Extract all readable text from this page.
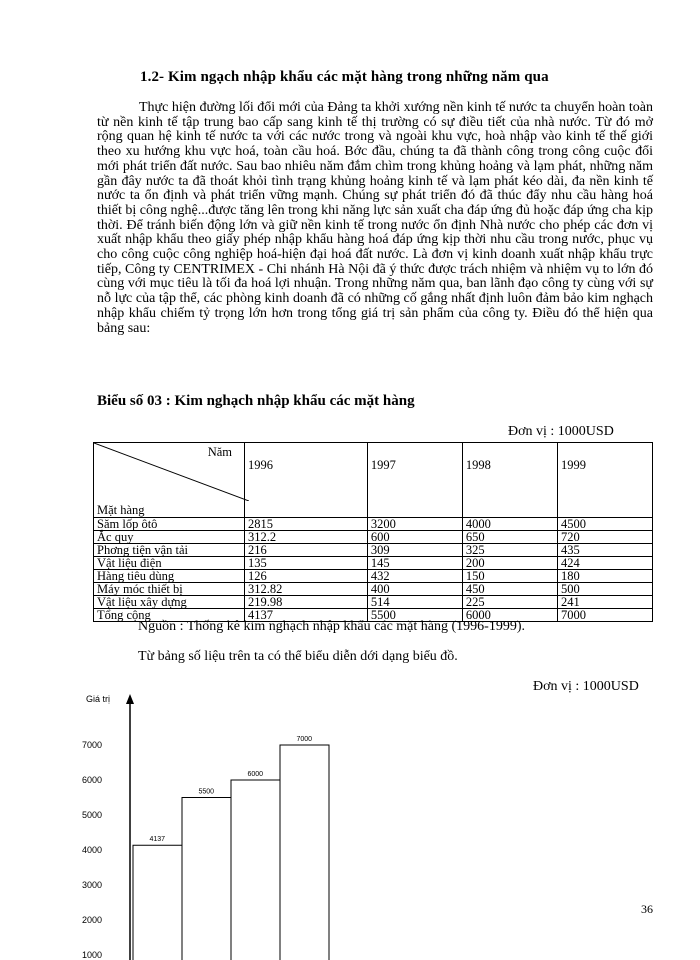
1.2- Kim ngạch nhập khẩu các mặt hàng trong những năm qua
Thực hiện đường lối đổi mới của Đảng ta khởi xướng nền kinh tế nước ta chuyển hoàn toàn từ nền kinh tế tập trung bao cấp sang kinh tế thị trường có sự điều tiết của nhà nước. Từ đó mở rộng quan hệ kinh tế nước ta với các nước trong và ngoài khu vực, hoà nhập vào kinh tế thế giới theo xu hướng khu vực hoá, toàn cầu hoá. Bớc đầu, chúng ta đã thành công trong công cuộc đổi mới phát triển đất nước. Sau bao nhiêu năm đắm chìm trong khủng hoảng và lạm phát, những năm gần đây nước ta đã thoát khỏi tình trạng khủng hoảng kinh tế và lạm phát kéo dài, đa nền kinh tế nước ta ổn định và phát triển vững mạnh. Chúng sự phát triển đó đã thúc đẩy nhu cầu hàng hoá thiết bị công nghệ...được tăng lên trong khi năng lực sản xuất cha đáp ứng đủ hoặc đáp ứng cha kịp thời. Để tránh biến động lớn và giữ nền kinh tế trong nước ổn định Nhà nước cho phép các đơn vị xuất nhập khẩu theo giấy phép nhập khẩu hàng hoá đáp ứng kịp thời nhu cầu trong nước, phục vụ cho công cuộc công nghiệp hoá-hiện đại hoá đất nước. Là đơn vị kinh doanh xuất nhập khẩu trực tiếp, Công ty CENTRIMEX - Chi nhánh Hà Nội đã ý thức được trách nhiệm và nhiệm vụ to lớn đó cùng với mục tiêu là tối đa hoá lợi nhuận. Trong những năm qua, ban lãnh đạo công ty cùng với sự nỗ lực của tập thể, các phòng kinh doanh đã có những cố gắng nhất định luôn đảm bảo kim nghạch nhập khẩu chiếm tỷ trọng lớn hơn trong tổng giá trị sản phẩm của công ty. Điều đó thể hiện qua bảng sau:
Biểu số 03 : Kim nghạch nhập khẩu các mặt hàng
Đơn vị : 1000USD
Năm
Mặt hàng	1996	1997	1998	1999
Săm lốp ôtô	2815	3200	4000	4500
Ắc quy	312.2	600	650	720
Phơng tiện vận tải	216	309	325	435
Vật liệu điện	135	145	200	424
Hàng tiêu dùng	126	432	150	180
Máy móc thiết bị	312.82	400	450	500
Vật liệu xây dựng	219.98	514	225	241
Tổng cộng	4137	5500	6000	7000
Nguồn : Thống kê kim nghạch nhập khẩu các mặt hàng (1996-1999).
Từ bảng số liệu trên ta có thể biểu diễn dới dạng biểu đồ.
Đơn vị : 1000USD
Giá trị
7000
6000
5000
4000
3000
2000
1000
4137
5500
6000
7000
36
